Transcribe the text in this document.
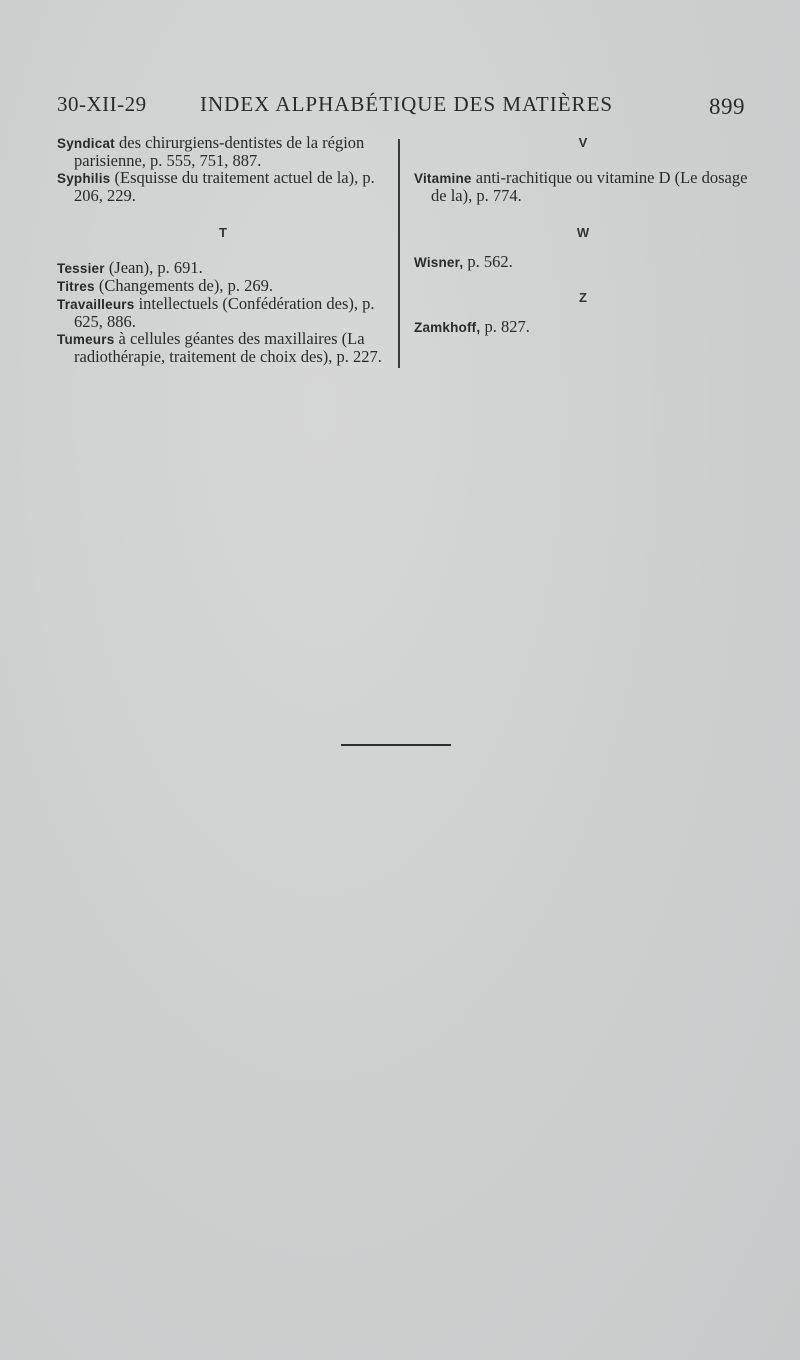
30-XII-29	INDEX ALPHABÉTIQUE DES MATIÈRES	899
Syndicat des chirurgiens-dentistes de la région parisienne, p. 555, 751, 887.
Syphilis (Esquisse du traitement actuel de la), p. 206, 229.
T
Tessier (Jean), p. 691.
Titres (Changements de), p. 269.
Travailleurs intellectuels (Confédération des), p. 625, 886.
Tumeurs à cellules géantes des maxillaires (La radiothérapie, traitement de choix des), p. 227.
V
Vitamine anti-rachitique ou vitamine D (Le dosage de la), p. 774.
W
Wisner, p. 562.
Z
Zamkhoff, p. 827.
